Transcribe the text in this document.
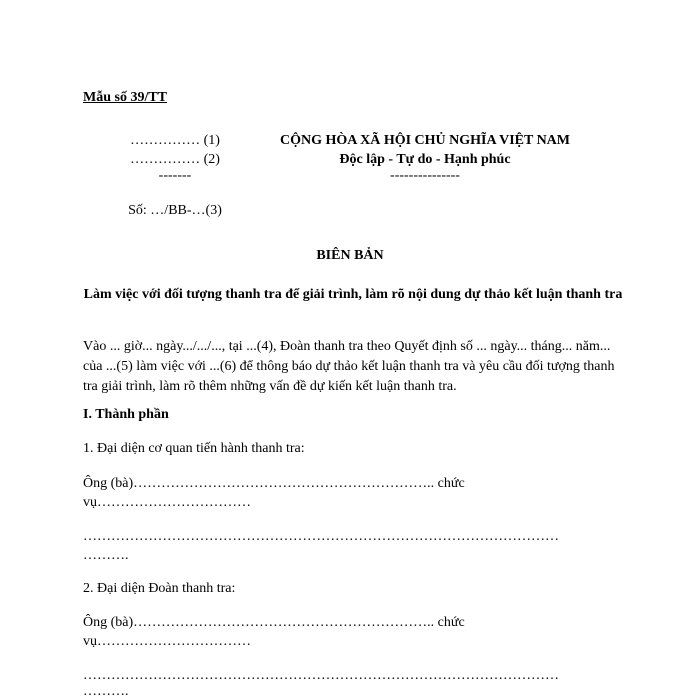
Mẫu số 39/TT
…………… (1)
…………… (2)
-------
Số: …/BB-…(3)
CỘNG HÒA XÃ HỘI CHỦ NGHĨA VIỆT NAM
Độc lập - Tự do - Hạnh phúc
---------------
BIÊN BẢN
Làm việc với đối tượng thanh tra để giải trình, làm rõ nội dung dự thảo kết luận thanh tra
Vào ... giờ... ngày.../.../..., tại ...(4), Đoàn thanh tra theo Quyết định số ... ngày... tháng... năm... của ...(5) làm việc với ...(6) để thông báo dự thảo kết luận thanh tra và yêu cầu đối tượng thanh tra giải trình, làm rõ thêm những vấn đề dự kiến kết luận thanh tra.
I. Thành phần
1. Đại diện cơ quan tiến hành thanh tra:
Ông (bà)……………………………………………………….. chức
vụ……………………………
…………………………………………………………………………………………
……….
2. Đại diện Đoàn thanh tra:
Ông (bà)……………………………………………………….. chức
vụ……………………………
…………………………………………………………………………………………
……….
